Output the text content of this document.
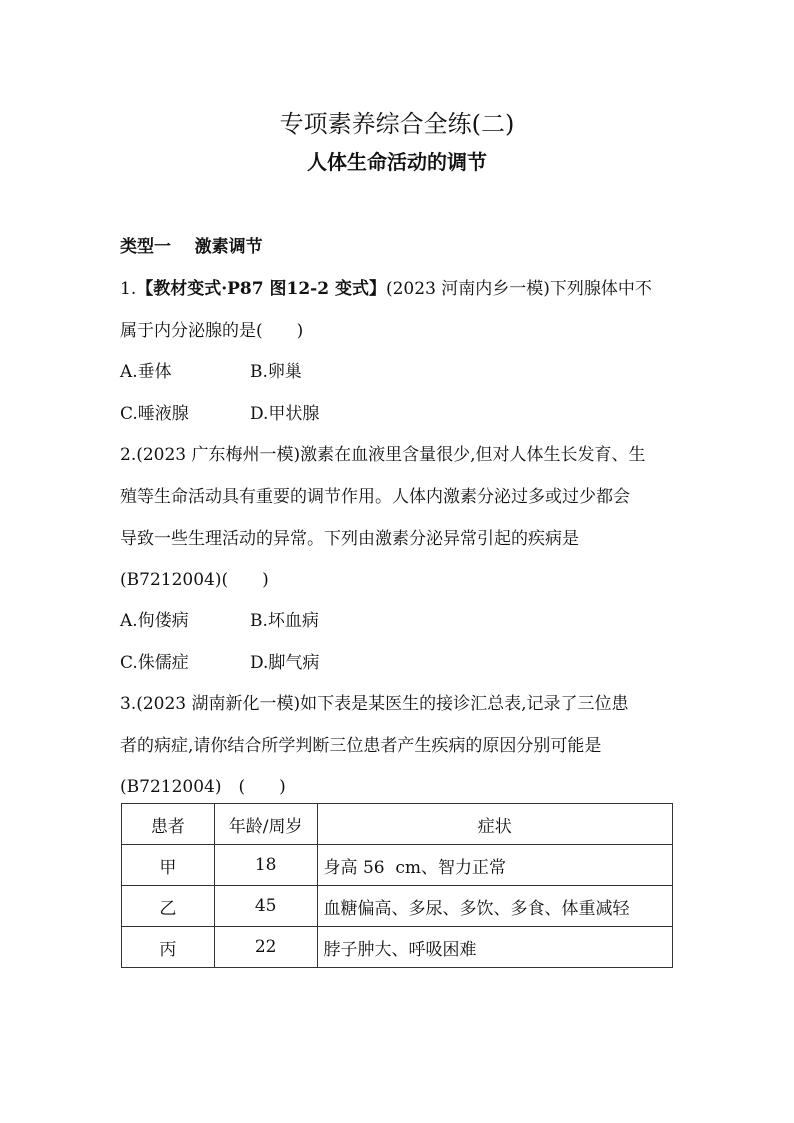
专项素养综合全练(二)
人体生命活动的调节
类型一    激素调节
1.【教材变式·P87 图12-2 变式】(2023 河南内乡一模)下列腺体中不
属于内分泌腺的是(　　)
A.垂体	B.卵巢
C.唾液腺	D.甲状腺
2.(2023 广东梅州一模)激素在血液里含量很少,但对人体生长发育、生
殖等生命活动具有重要的调节作用。人体内激素分泌过多或过少都会
导致一些生理活动的异常。下列由激素分泌异常引起的疾病是
(B7212004)(　　)
A.佝偻病	B.坏血病
C.侏儒症	D.脚气病
3.(2023 湖南新化一模)如下表是某医生的接诊汇总表,记录了三位患
者的病症,请你结合所学判断三位患者产生疾病的原因分别可能是
(B7212004)　(　　)
患者	年龄/周岁	症状
甲	18	身高 56  cm、智力正常
乙	45	血糖偏高、多尿、多饮、多食、体重减轻
丙	22	脖子肿大、呼吸困难
